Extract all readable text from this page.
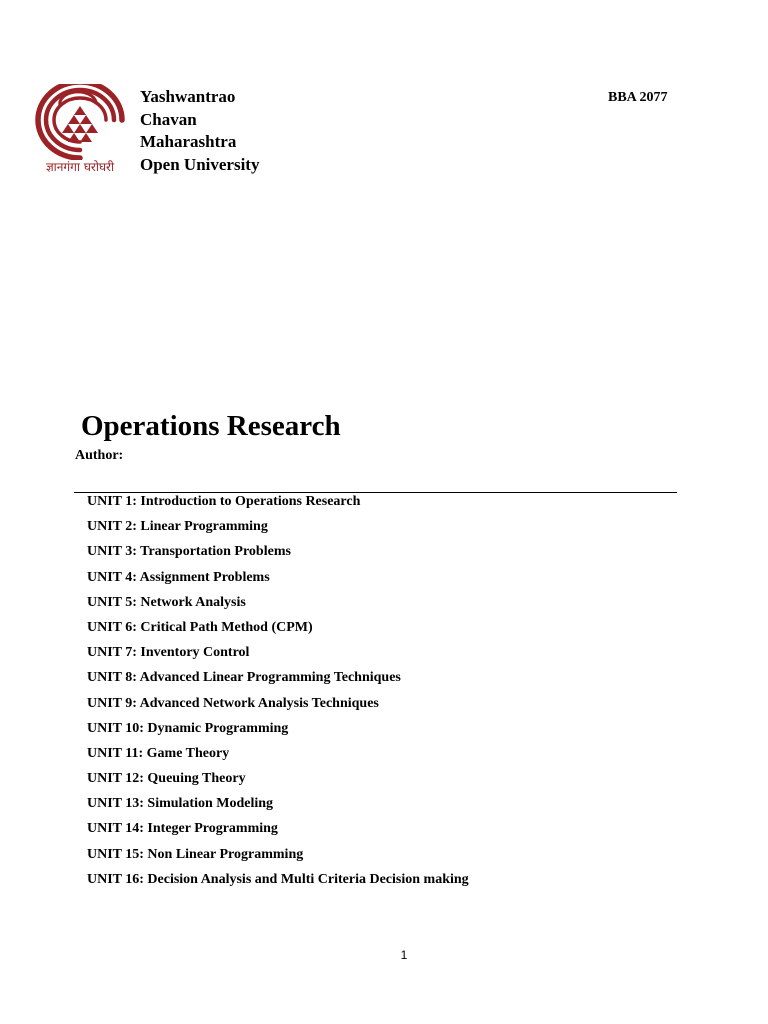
ज्ञानगंगा घरोघरी
Yashwantrao
Chavan
Maharashtra
Open University
BBA 2077
Operations Research
Author:
UNIT 1: Introduction to Operations Research
UNIT 2: Linear Programming
UNIT 3: Transportation Problems
UNIT 4: Assignment Problems
UNIT 5: Network Analysis
UNIT 6: Critical Path Method (CPM)
UNIT 7: Inventory Control
UNIT 8: Advanced Linear Programming Techniques
UNIT 9: Advanced Network Analysis Techniques
UNIT 10: Dynamic Programming
UNIT 11: Game Theory
UNIT 12: Queuing Theory
UNIT 13: Simulation Modeling
UNIT 14: Integer Programming
UNIT 15: Non Linear Programming
UNIT 16: Decision Analysis and Multi Criteria Decision making
1
